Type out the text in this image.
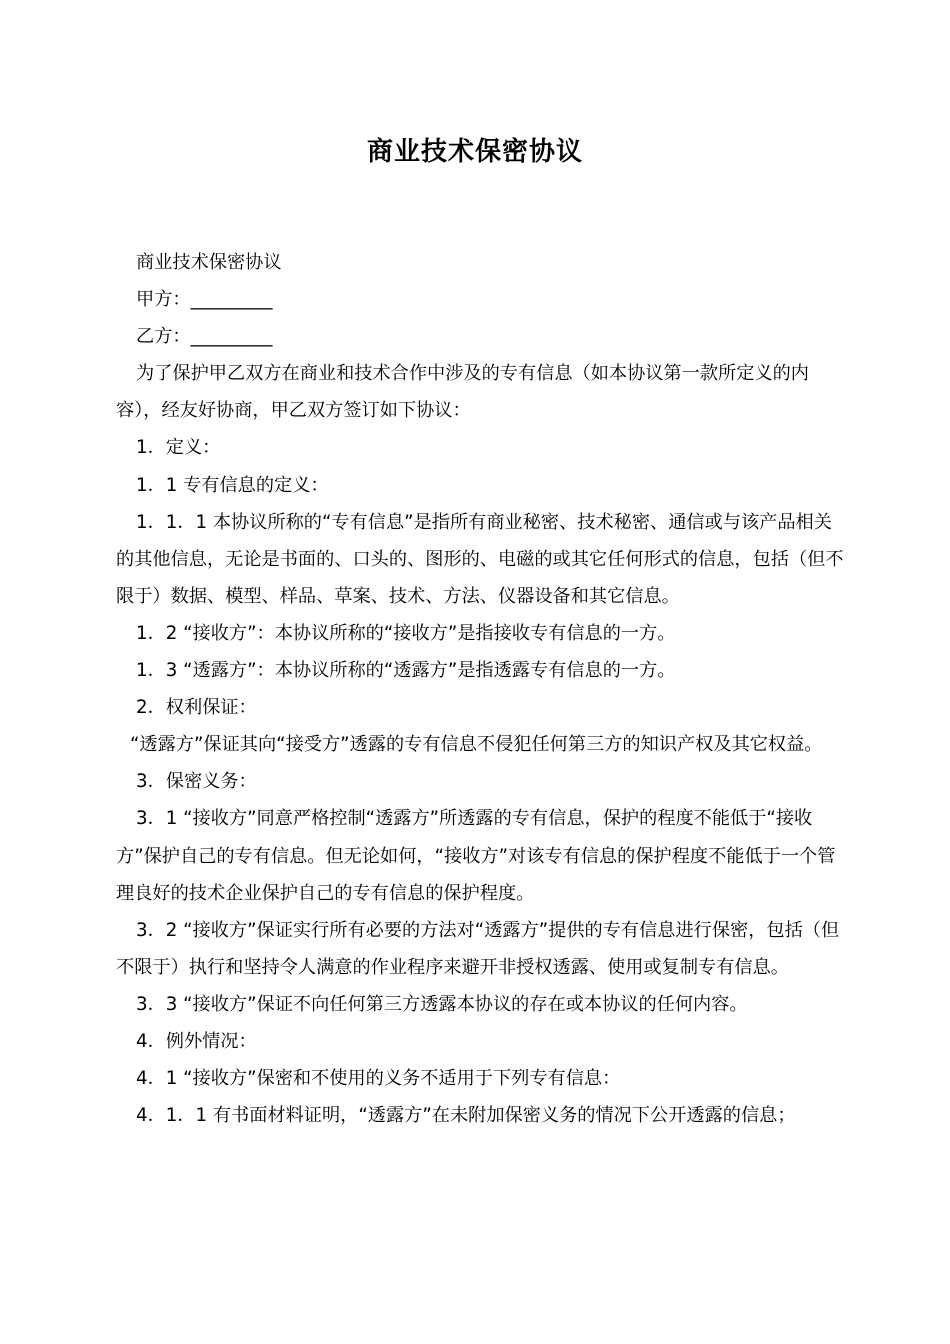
商业技术保密协议

商业技术保密协议

甲方：_________

乙方：_________

为了保护甲乙双方在商业和技术合作中涉及的专有信息（如本协议第一款所定义的内容），经友好协商，甲乙双方签订如下协议：

1．定义：

1．1 专有信息的定义：

1．1．1 本协议所称的“专有信息”是指所有商业秘密、技术秘密、通信或与该产品相关的其他信息，无论是书面的、口头的、图形的、电磁的或其它任何形式的信息，包括（但不限于）数据、模型、样品、草案、技术、方法、仪器设备和其它信息。

1．2 “接收方”：本协议所称的“接收方”是指接收专有信息的一方。

1．3 “透露方”：本协议所称的“透露方”是指透露专有信息的一方。

2．权利保证：

“透露方”保证其向“接受方”透露的专有信息不侵犯任何第三方的知识产权及其它权益。

3．保密义务：

3．1 “接收方”同意严格控制“透露方”所透露的专有信息，保护的程度不能低于“接收方”保护自己的专有信息。但无论如何，“接收方”对该专有信息的保护程度不能低于一个管理良好的技术企业保护自己的专有信息的保护程度。

3．2 “接收方”保证实行所有必要的方法对“透露方”提供的专有信息进行保密，包括（但不限于）执行和坚持令人满意的作业程序来避开非授权透露、使用或复制专有信息。

3．3 “接收方”保证不向任何第三方透露本协议的存在或本协议的任何内容。

4．例外情况：

4．1 “接收方”保密和不使用的义务不适用于下列专有信息：

4．1．1 有书面材料证明，“透露方”在未附加保密义务的情况下公开透露的信息；
